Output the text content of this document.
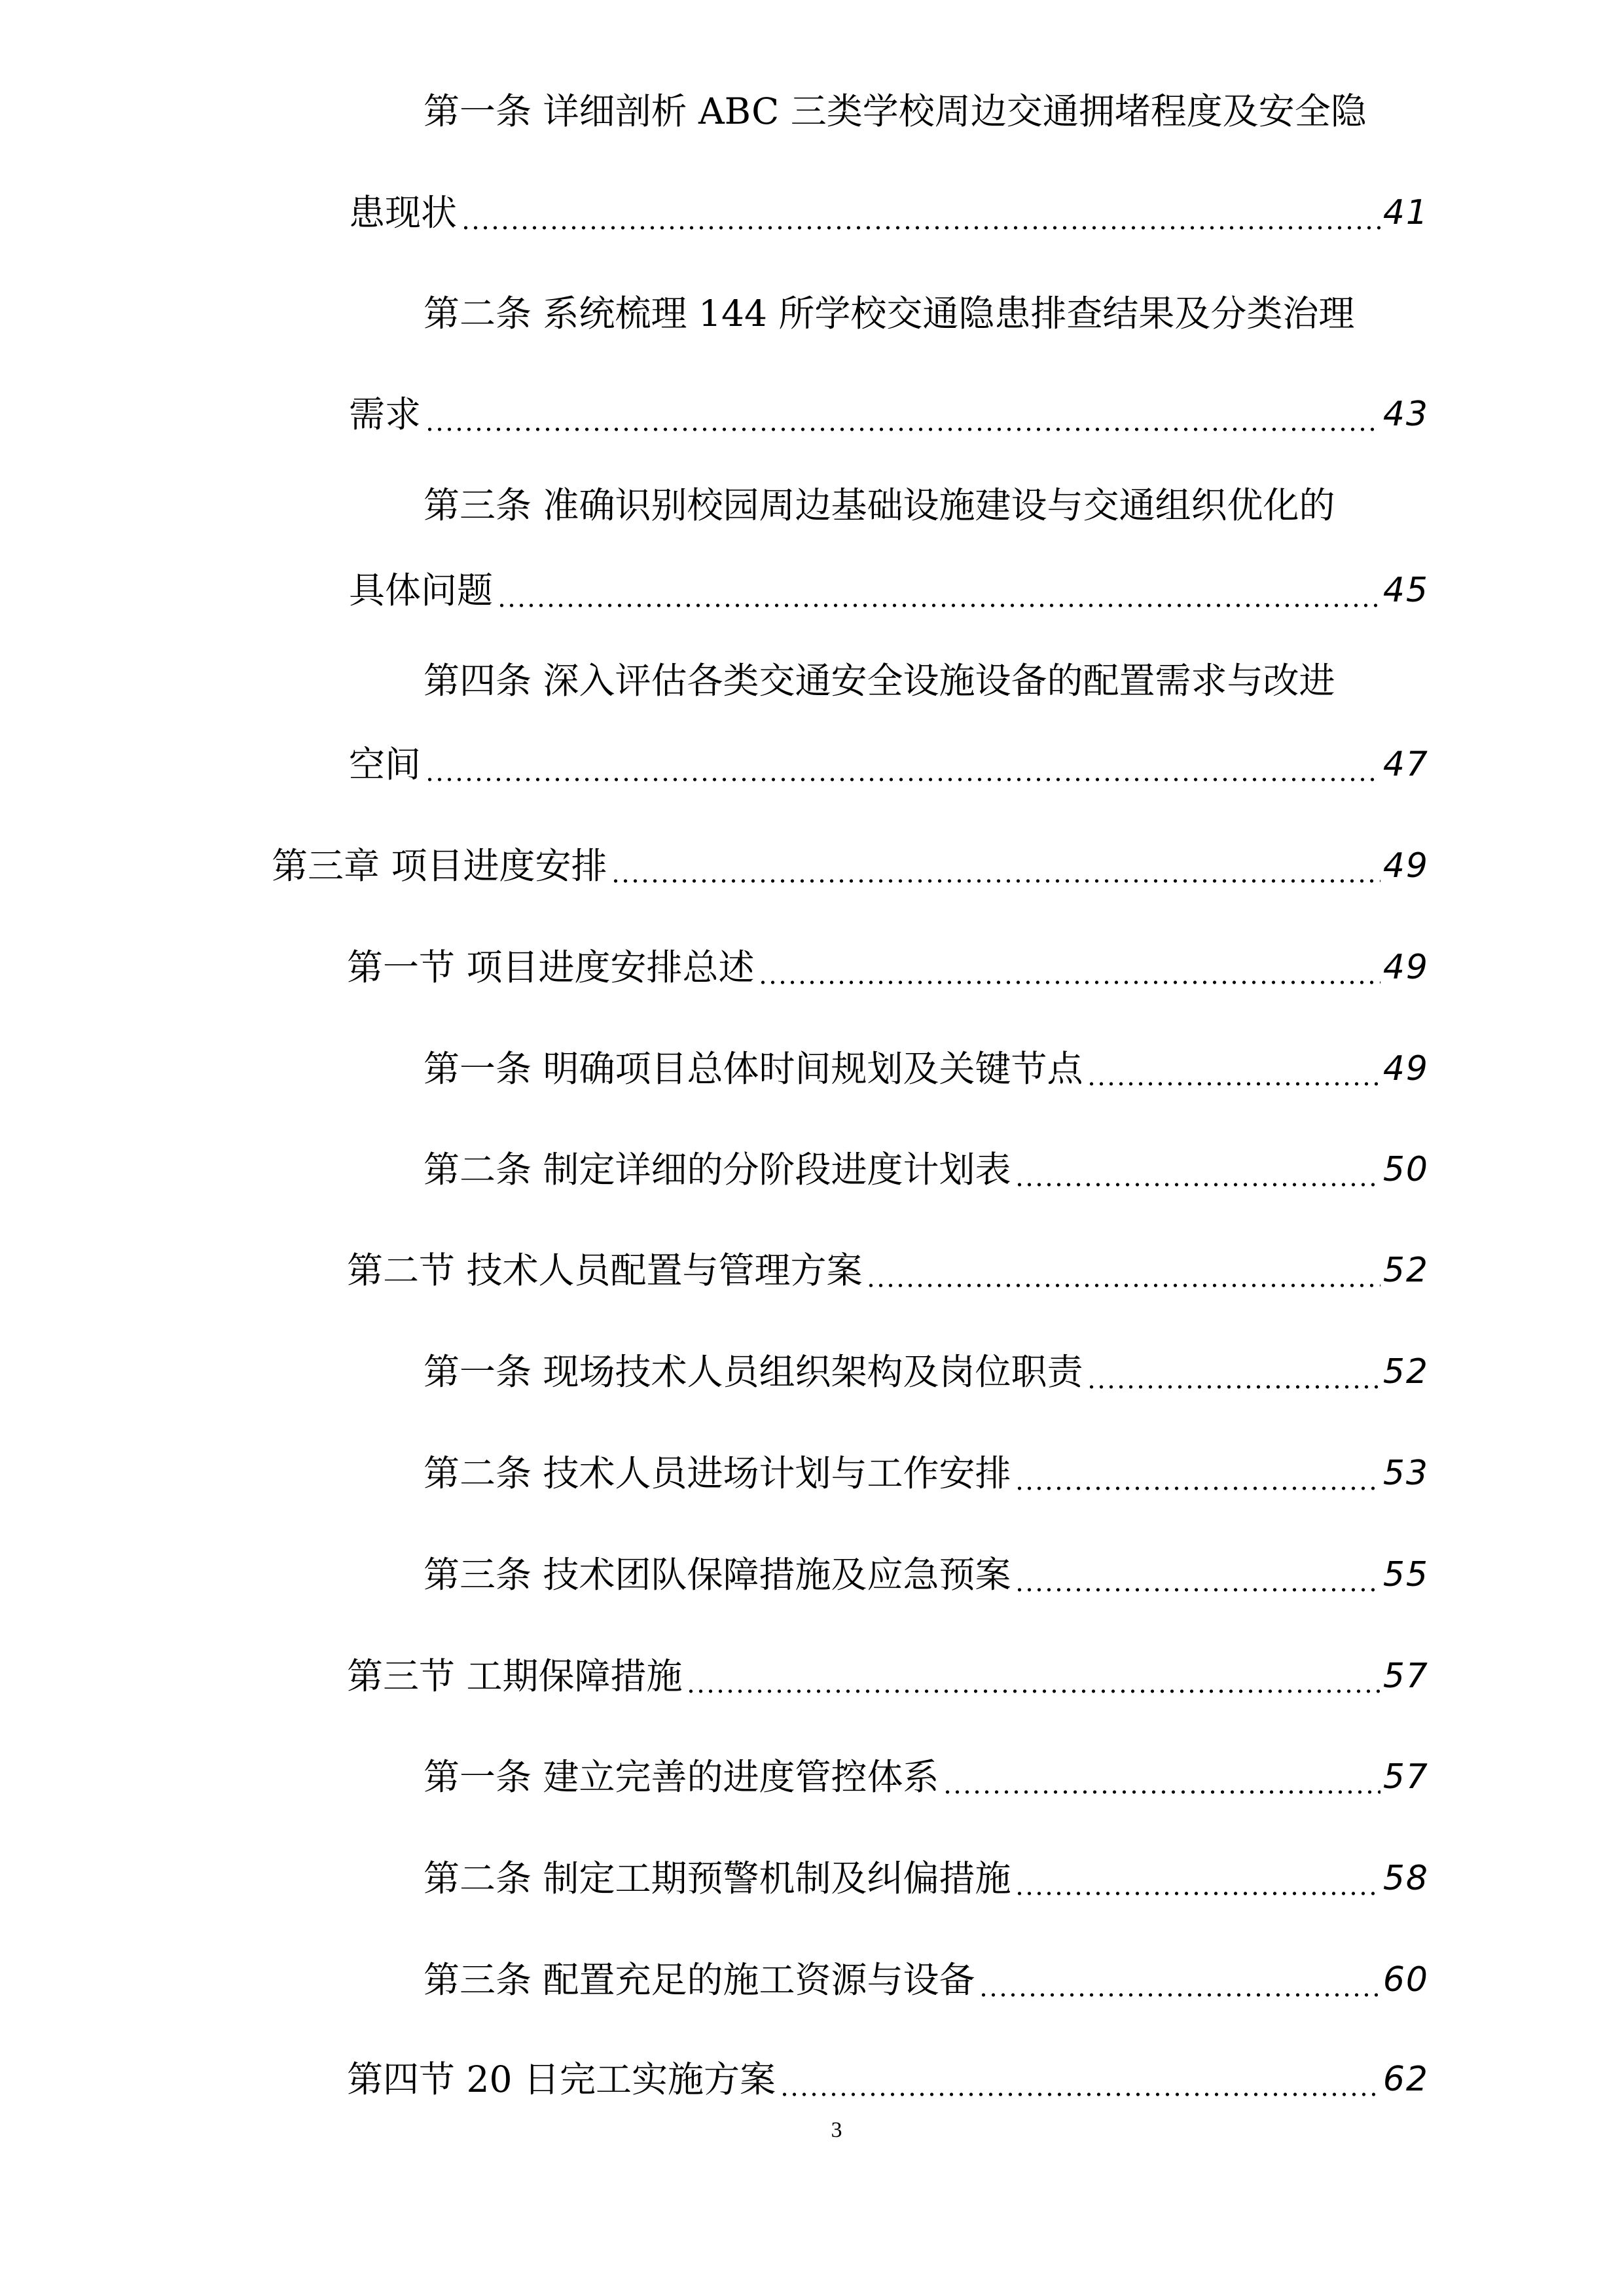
第一条 详细剖析 ABC 三类学校周边交通拥堵程度及安全隐
患现状	41
第二条 系统梳理 144 所学校交通隐患排查结果及分类治理
需求	43
第三条 准确识别校园周边基础设施建设与交通组织优化的
具体问题	45
第四条 深入评估各类交通安全设施设备的配置需求与改进
空间	47
第三章 项目进度安排	49
第一节 项目进度安排总述	49
第一条 明确项目总体时间规划及关键节点	49
第二条 制定详细的分阶段进度计划表	50
第二节 技术人员配置与管理方案	52
第一条 现场技术人员组织架构及岗位职责	52
第二条 技术人员进场计划与工作安排	53
第三条 技术团队保障措施及应急预案	55
第三节 工期保障措施	57
第一条 建立完善的进度管控体系	57
第二条 制定工期预警机制及纠偏措施	58
第三条 配置充足的施工资源与设备	60
第四节 20 日完工实施方案	62
3
